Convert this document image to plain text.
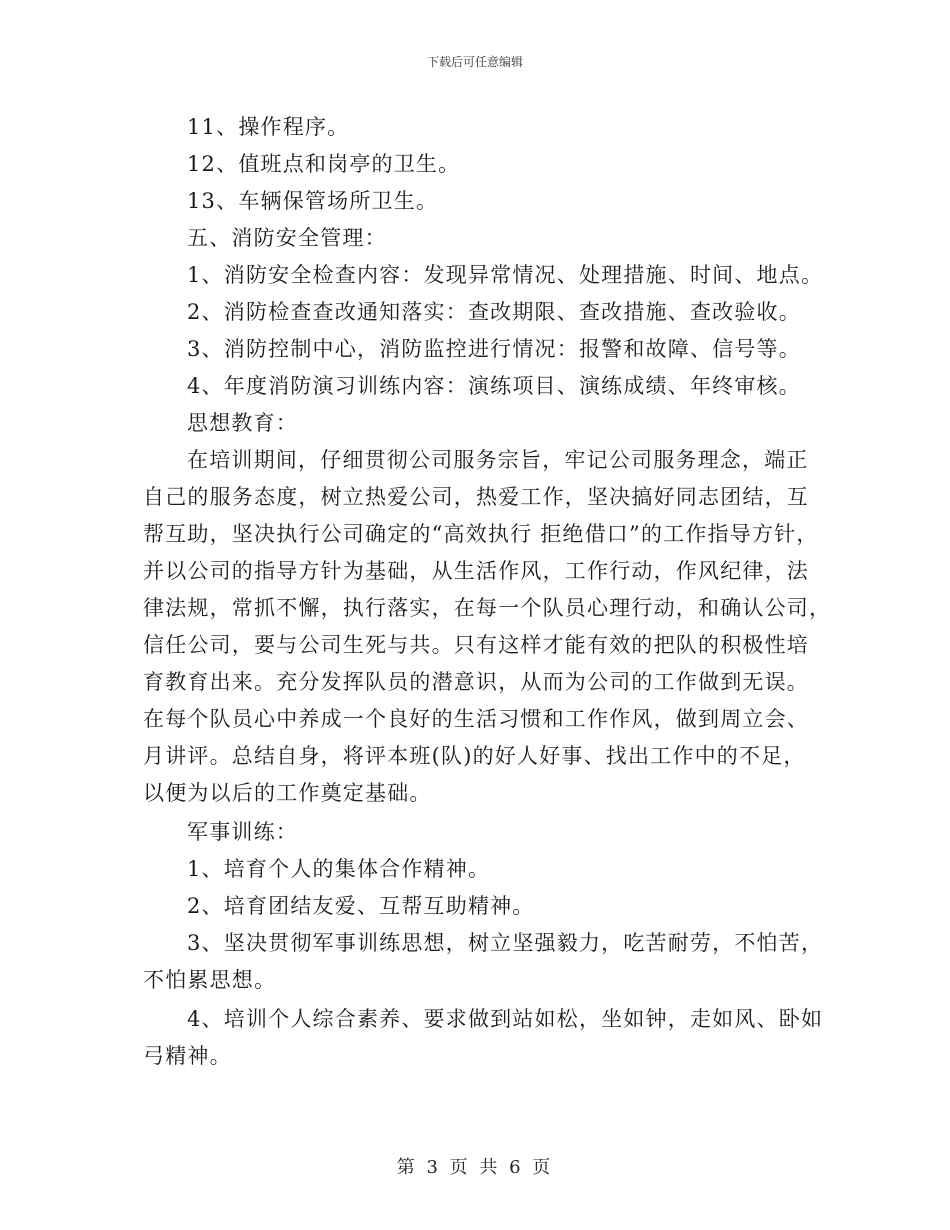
下载后可任意编辑
11、操作程序。
12、值班点和岗亭的卫生。
13、车辆保管场所卫生。
五、消防安全管理：
1、消防安全检查内容：发现异常情况、处理措施、时间、地点。
2、消防检查查改通知落实：查改期限、查改措施、查改验收。
3、消防控制中心，消防监控进行情况：报警和故障、信号等。
4、年度消防演习训练内容：演练项目、演练成绩、年终审核。
思想教育：
在培训期间，仔细贯彻公司服务宗旨，牢记公司服务理念，端正
自己的服务态度，树立热爱公司，热爱工作，坚决搞好同志团结，互
帮互助，坚决执行公司确定的“高效执行 拒绝借口”的工作指导方针，
并以公司的指导方针为基础，从生活作风，工作行动，作风纪律，法
律法规，常抓不懈，执行落实，在每一个队员心理行动，和确认公司，
信任公司，要与公司生死与共。只有这样才能有效的把队的积极性培
育教育出来。充分发挥队员的潜意识，从而为公司的工作做到无误。
在每个队员心中养成一个良好的生活习惯和工作作风，做到周立会、
月讲评。总结自身，将评本班(队)的好人好事、找出工作中的不足，
以便为以后的工作奠定基础。
军事训练：
1、培育个人的集体合作精神。
2、培育团结友爱、互帮互助精神。
3、坚决贯彻军事训练思想，树立坚强毅力，吃苦耐劳，不怕苦，
不怕累思想。
4、培训个人综合素养、要求做到站如松，坐如钟，走如风、卧如
弓精神。
第 3 页 共 6 页
